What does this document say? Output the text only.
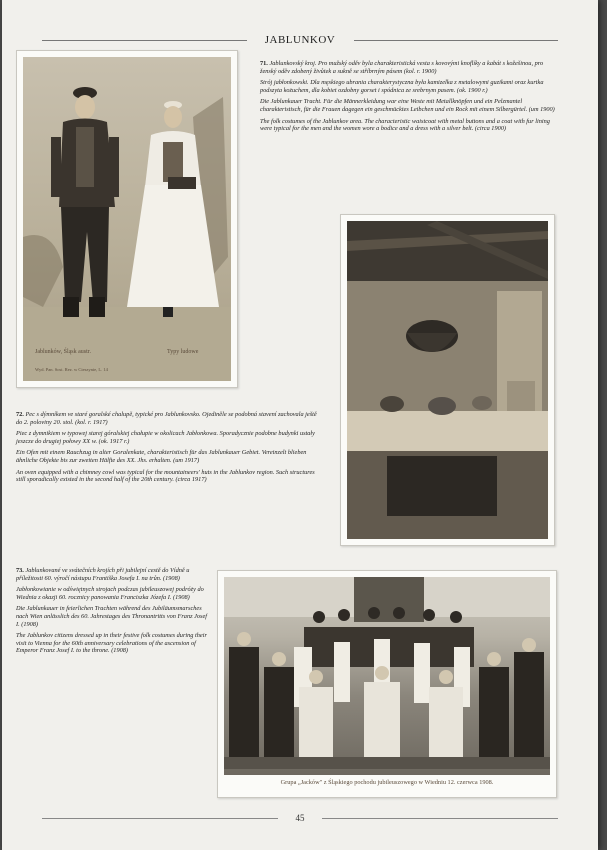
JABLUNKOV
Jablunków, Śląsk austr.	Typy ludowe
Wyd. Pan. Sost. Rez. w Cieszynie, L. 14

71. Jablunkovský kroj. Pro mužský oděv byla charakteristická vesta s kovovými knoflíky a kabát s kožešinou, pro ženský oděv zdobený živůtek a sukně se stříbrným pásem (kol. r. 1900)

Strój jabłonkowski. Dla męskiego ubrania charakterystyczna była kamizelka z metalowymi guzikami oraz kurtka podszyta kożuchem, dla kobiet ozdobny gorset i spódnica ze srebrnym pasem. (ok. 1900 r.)

Die Jablunkauer Tracht. Für die Männerkleidung war eine Weste mit Metallknöpfen und ein Pelzmantel charakteristisch, für die Frauen dagegen ein geschmücktes Leibchen und ein Rock mit einem Silbergürtel. (um 1900)

The folk costumes of the Jablunkov area. The characteristic waistcoat with metal buttons and a coat with fur lining were typical for the men and the women wore a bodice and a dress with a silver belt. (circa 1900)

72. Pec s dýmníkem ve staré goralské chalupě, typické pro Jablunkovsko. Ojediněle se podobná stavení zachovala ještě do 2. poloviny 20. stol. (kol. r. 1917)

Piec z dymnikiem w typowej starej góralskiej chałupie w okolicach Jabłonkowa. Sporadycznie podobne budynki ustały jeszcze do drugiej połowy XX w. (ok. 1917 r.)

Ein Ofen mit einem Rauchzug in alter Goralenkate, charakteristisch für das Jablunkauer Gebiet. Vereinzelt blieben ähnliche Objekte bis zur zweiten Hälfte des XX. Jhs. erhalten. (um 1917)

An oven equipped with a chimney cowl was typical for the mountaineers' huts in the Jablunkov region. Such structures still sporadically existed in the second half of the 20th century. (circa 1917)

73. Jablunkované ve svátečních krojích při jubilejní cestě do Vídně u příležitosti 60. výročí nástupu Františka Josefa I. na trůn. (1908)

Jabłonkowianie w odświętnych strojach podczas jubileuszowej podróży do Wiednia z okazji 60. rocznicy panowania Franciszka Józefa I. (1908)

Die Jablunkauer in feierlichen Trachten während des Jubiläumsmarsches nach Wien anlässlich des 60. Jahrestages des Thronantritts von Franz Josef I. (1908)

The Jablunkov citizens dressed up in their festive folk costumes during their visit to Vienna for the 60th anniversary celebrations of the ascension of Emperor Franz Josef I. to the throne. (1908)

Grupa „Jacków" z Śląskiego pochodu jubileuszowego w Wiedniu 12. czerwca 1908.
45
